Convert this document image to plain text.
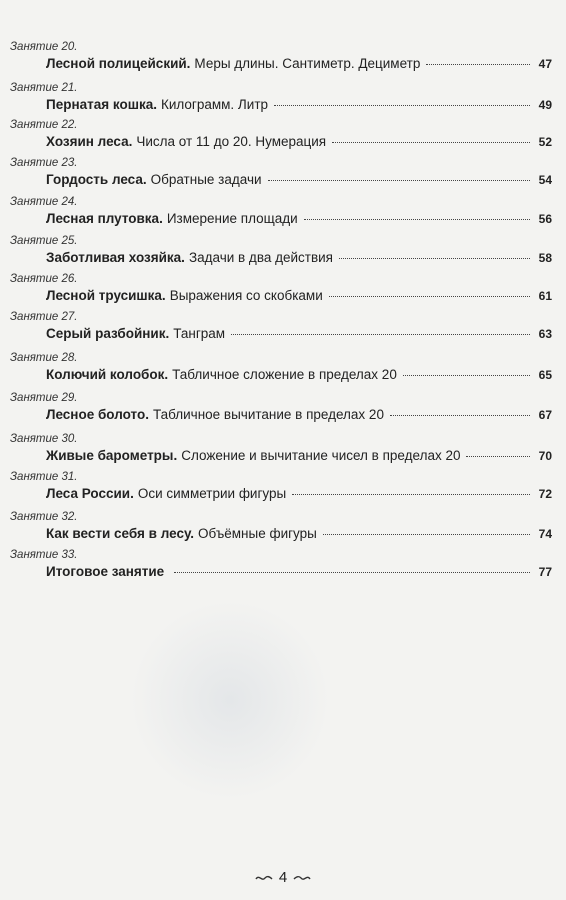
Занятие 20.
Лесной полицейский. Меры длины. Сантиметр. Дециметр	47
Занятие 21.
Пернатая кошка. Килограмм. Литр	49
Занятие 22.
Хозяин леса. Числа от 11 до 20. Нумерация	52
Занятие 23.
Гордость леса. Обратные задачи	54
Занятие 24.
Лесная плутовка. Измерение площади	56
Занятие 25.
Заботливая хозяйка. Задачи в два действия	58
Занятие 26.
Лесной трусишка. Выражения со скобками	61
Занятие 27.
Серый разбойник. Танграм	63
Занятие 28.
Колючий колобок. Табличное сложение в пределах 20	65
Занятие 29.
Лесное болото. Табличное вычитание в пределах 20	67
Занятие 30.
Живые барометры. Сложение и вычитание чисел в пределах 20	70
Занятие 31.
Леса России. Оси симметрии фигуры	72
Занятие 32.
Как вести себя в лесу. Объёмные фигуры	74
Занятие 33.
Итоговое занятие	77
4
